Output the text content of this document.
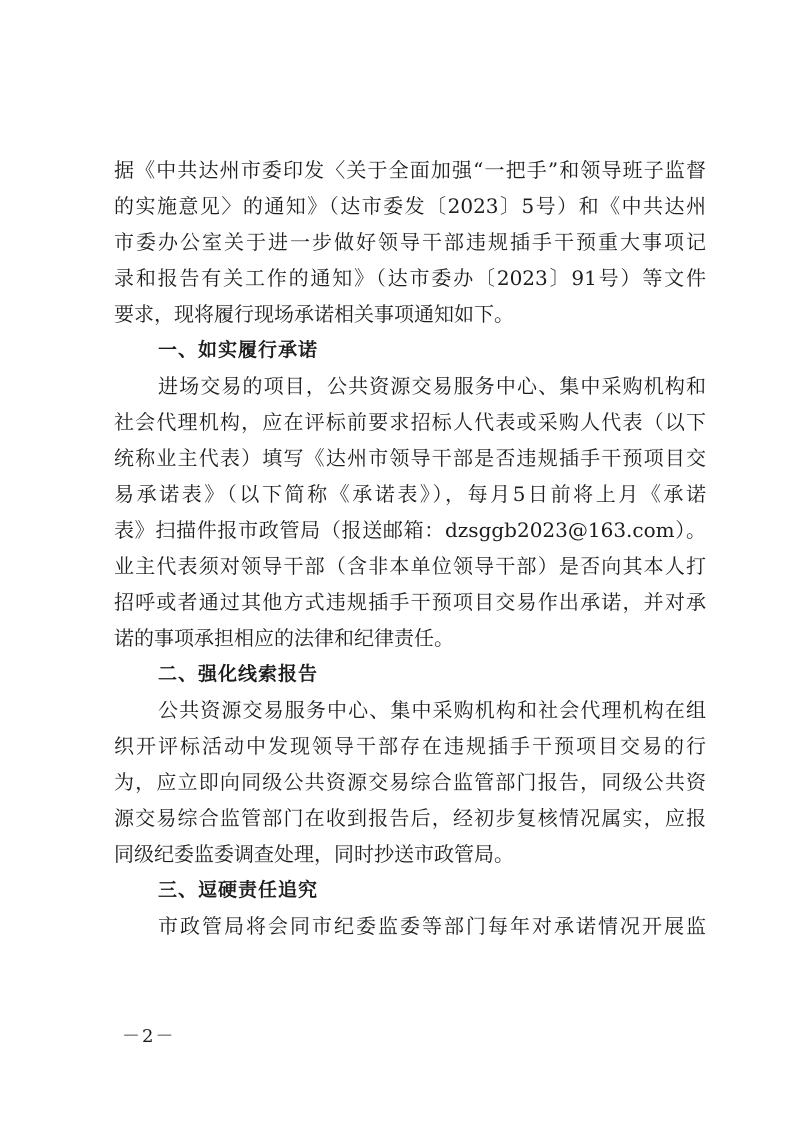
据《中共达州市委印发〈关于全面加强“一把手”和领导班子监督
的实施意见〉的通知》（达市委发〔2023〕5号）和《中共达州
市委办公室关于进一步做好领导干部违规插手干预重大事项记
录和报告有关工作的通知》（达市委办〔2023〕91号）等文件
要求，现将履行现场承诺相关事项通知如下。
一、如实履行承诺
进场交易的项目，公共资源交易服务中心、集中采购机构和
社会代理机构，应在评标前要求招标人代表或采购人代表（以下
统称业主代表）填写《达州市领导干部是否违规插手干预项目交
易承诺表》（以下简称《承诺表》），每月5日前将上月《承诺
表》扫描件报市政管局（报送邮箱：dzsggb2023@163.com）。
业主代表须对领导干部（含非本单位领导干部）是否向其本人打
招呼或者通过其他方式违规插手干预项目交易作出承诺，并对承
诺的事项承担相应的法律和纪律责任。
二、强化线索报告
公共资源交易服务中心、集中采购机构和社会代理机构在组
织开评标活动中发现领导干部存在违规插手干预项目交易的行
为，应立即向同级公共资源交易综合监管部门报告，同级公共资
源交易综合监管部门在收到报告后，经初步复核情况属实，应报
同级纪委监委调查处理，同时抄送市政管局。
三、逗硬责任追究
市政管局将会同市纪委监委等部门每年对承诺情况开展监
－2－
